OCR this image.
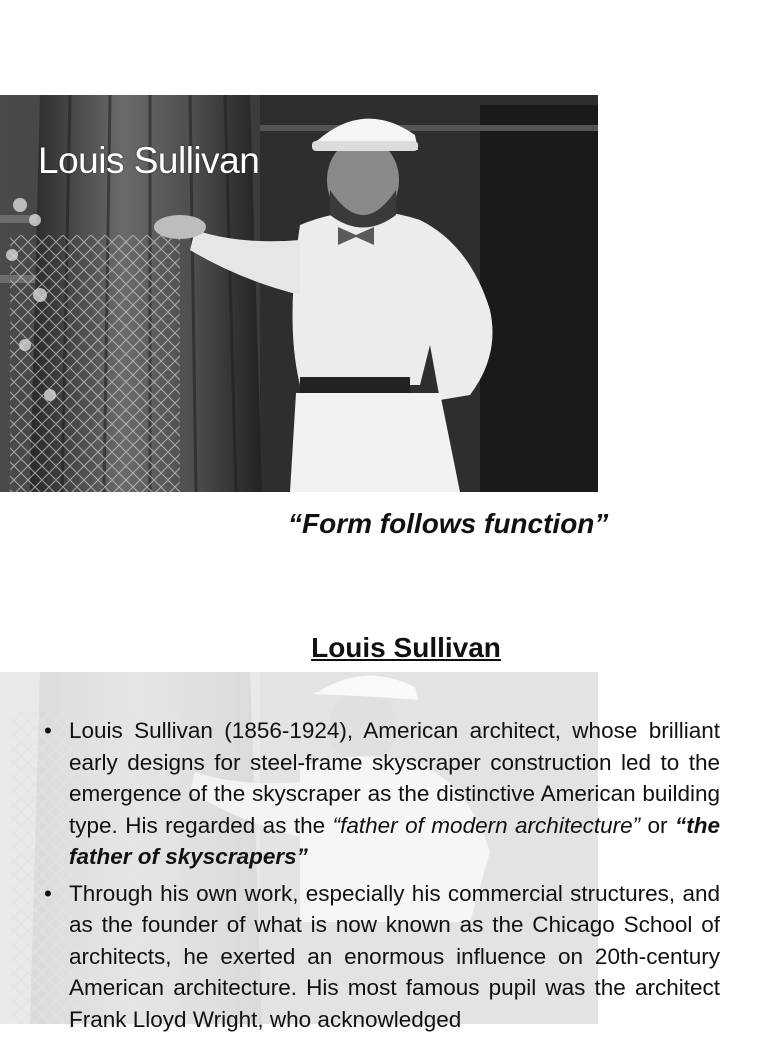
Louis Sullivan

“Form follows function”

Louis Sullivan
• Louis Sullivan (1856-1924), American architect, whose brilliant early designs for steel-frame skyscraper construction led to the emergence of the skyscraper as the distinctive American building type. His regarded as the “father of modern architecture” or “the father of skyscrapers”
• Through his own work, especially his commercial structures, and as the founder of what is now known as the Chicago School of architects, he exerted an enormous influence on 20th-century American architecture. His most famous pupil was the architect Frank Lloyd Wright, who acknowledged
